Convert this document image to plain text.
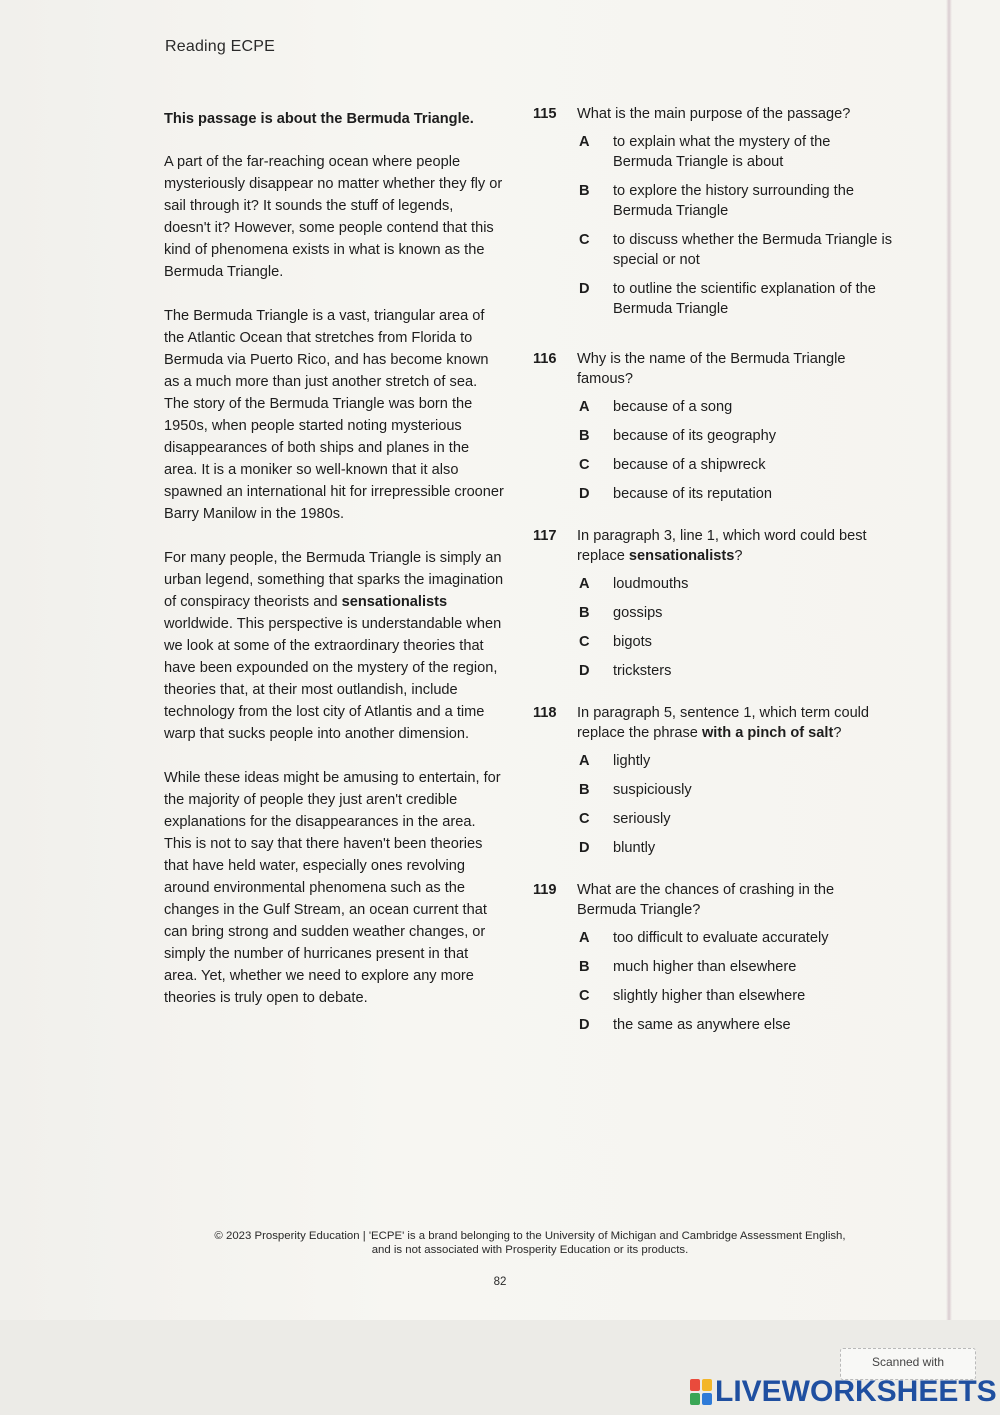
Reading ECPE

This passage is about the Bermuda Triangle.

A part of the far-reaching ocean where people mysteriously disappear no matter whether they fly or sail through it? It sounds the stuff of legends, doesn't it? However, some people contend that this kind of phenomena exists in what is known as the Bermuda Triangle.

The Bermuda Triangle is a vast, triangular area of the Atlantic Ocean that stretches from Florida to Bermuda via Puerto Rico, and has become known as a much more than just another stretch of sea. The story of the Bermuda Triangle was born the 1950s, when people started noting mysterious disappearances of both ships and planes in the area. It is a moniker so well-known that it also spawned an international hit for irrepressible crooner Barry Manilow in the 1980s.

For many people, the Bermuda Triangle is simply an urban legend, something that sparks the imagination of conspiracy theorists and sensationalists worldwide. This perspective is understandable when we look at some of the extraordinary theories that have been expounded on the mystery of the region, theories that, at their most outlandish, include technology from the lost city of Atlantis and a time warp that sucks people into another dimension.

While these ideas might be amusing to entertain, for the majority of people they just aren't credible explanations for the disappearances in the area. This is not to say that there haven't been theories that have held water, especially ones revolving around environmental phenomena such as the changes in the Gulf Stream, an ocean current that can bring strong and sudden weather changes, or simply the number of hurricanes present in that area. Yet, whether we need to explore any more theories is truly open to debate.

115	What is the main purpose of the passage?
A	to explain what the mystery of the Bermuda Triangle is about
B	to explore the history surrounding the Bermuda Triangle
C	to discuss whether the Bermuda Triangle is special or not
D	to outline the scientific explanation of the Bermuda Triangle
116	Why is the name of the Bermuda Triangle famous?
A	because of a song
B	because of its geography
C	because of a shipwreck
D	because of its reputation
117	In paragraph 3, line 1, which word could best replace sensationalists?
A	loudmouths
B	gossips
C	bigots
D	tricksters
118	In paragraph 5, sentence 1, which term could replace the phrase with a pinch of salt?
A	lightly
B	suspiciously
C	seriously
D	bluntly
119	What are the chances of crashing in the Bermuda Triangle?
A	too difficult to evaluate accurately
B	much higher than elsewhere
C	slightly higher than elsewhere
D	the same as anywhere else
© 2023 Prosperity Education | 'ECPE' is a brand belonging to the University of Michigan and Cambridge Assessment English,
and is not associated with Prosperity Education or its products.
82
Scanned with
LIVEWORKSHEETS
